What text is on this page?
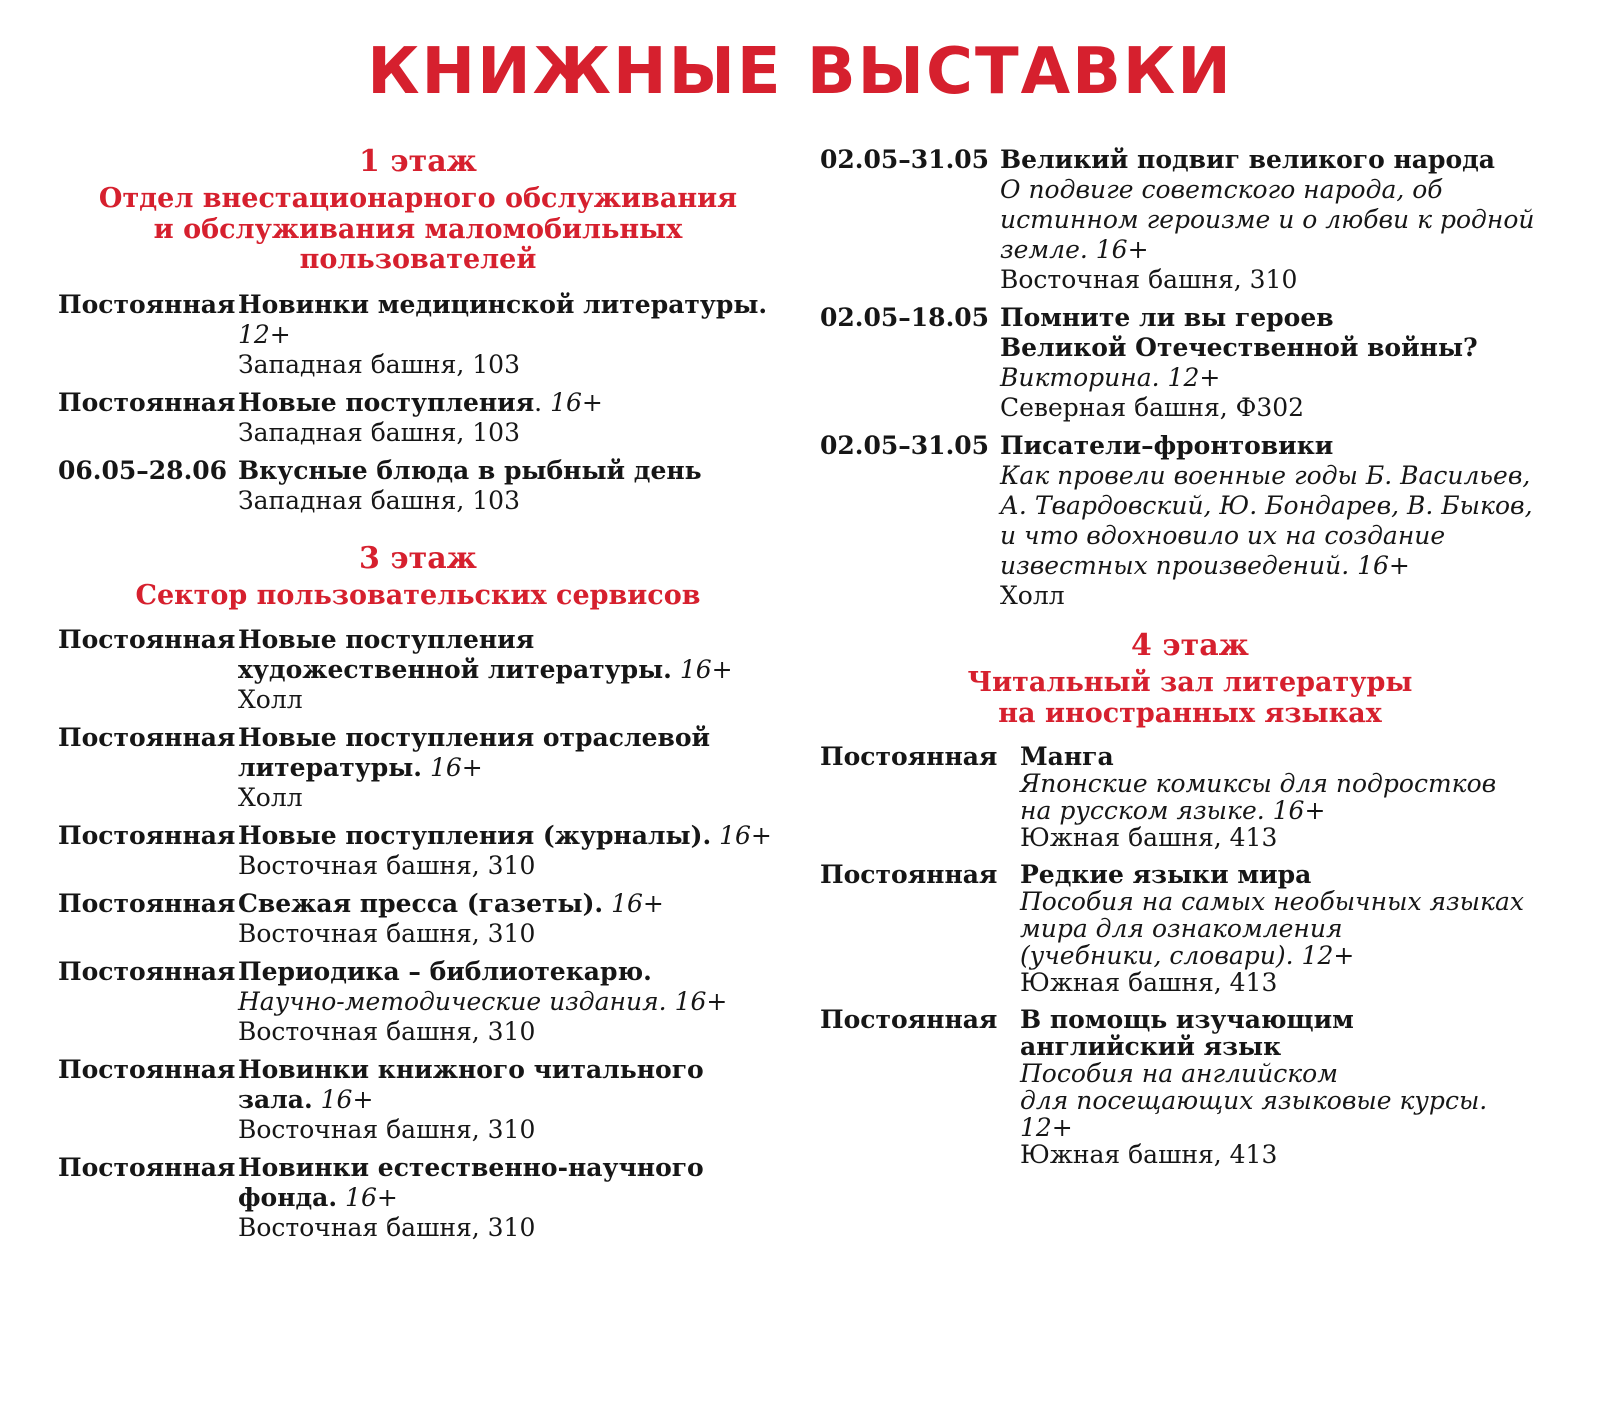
КНИЖНЫЕ ВЫСТАВКИ
1 этаж
Отдел внестационарного обслуживания
и обслуживания маломобильных
пользователей
Постоянная Новинки медицинской литературы.
12+
Западная башня, 103
Постоянная Новые поступления. 16+
Западная башня, 103
06.05–28.06 Вкусные блюда в рыбный день
Западная башня, 103
3 этаж
Сектор пользовательских сервисов
Постоянная Новые поступления
художественной литературы. 16+
Холл
Постоянная Новые поступления отраслевой
литературы. 16+
Холл
Постоянная Новые поступления (журналы). 16+
Восточная башня, 310
Постоянная Свежая пресса (газеты). 16+
Восточная башня, 310
Постоянная Периодика – библиотекарю.
Научно-методические издания. 16+
Восточная башня, 310
Постоянная Новинки книжного читального
зала. 16+
Восточная башня, 310
Постоянная Новинки естественно-научного
фонда. 16+
Восточная башня, 310
02.05–31.05 Великий подвиг великого народа
О подвиге советского народа, об
истинном героизме и о любви к родной
земле. 16+
Восточная башня, 310
02.05–18.05 Помните ли вы героев
Великой Отечественной войны?
Викторина. 12+
Северная башня, Ф302
02.05–31.05 Писатели–фронтовики
Как провели военные годы Б. Васильев,
А. Твардовский, Ю. Бондарев, В. Быков,
и что вдохновило их на создание
известных произведений. 16+
Холл
4 этаж
Читальный зал литературы
на иностранных языках
Постоянная Манга
Японские комиксы для подростков
на русском языке. 16+
Южная башня, 413
Постоянная Редкие языки мира
Пособия на самых необычных языках
мира для ознакомления
(учебники, словари). 12+
Южная башня, 413
Постоянная В помощь изучающим
английский язык
Пособия на английском
для посещающих языковые курсы.
12+
Южная башня, 413
